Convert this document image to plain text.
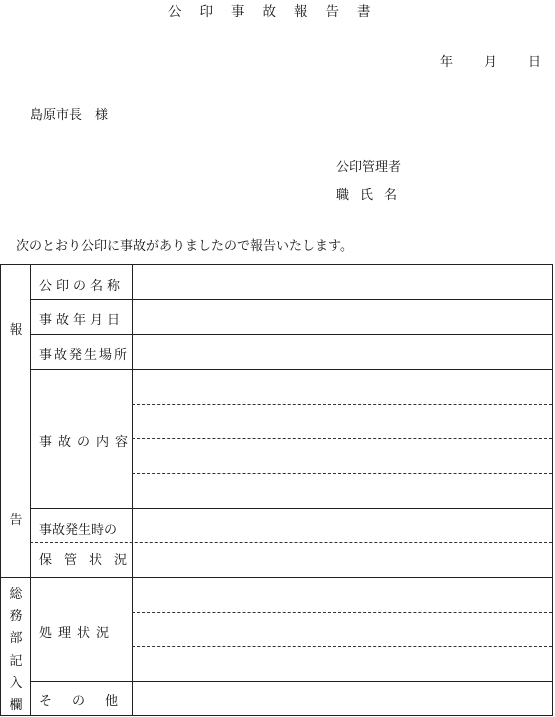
公印事故報告書
年 月 日
島原市長　様
公印管理者
職氏名
次のとおり公印に事故がありましたので報告いたします。
報
告
総
務
部
記
入
欄
公印の名称
事故年月日
事故発生場所
事故の内容
事故発生時の
保管状況
処理状況
その他
